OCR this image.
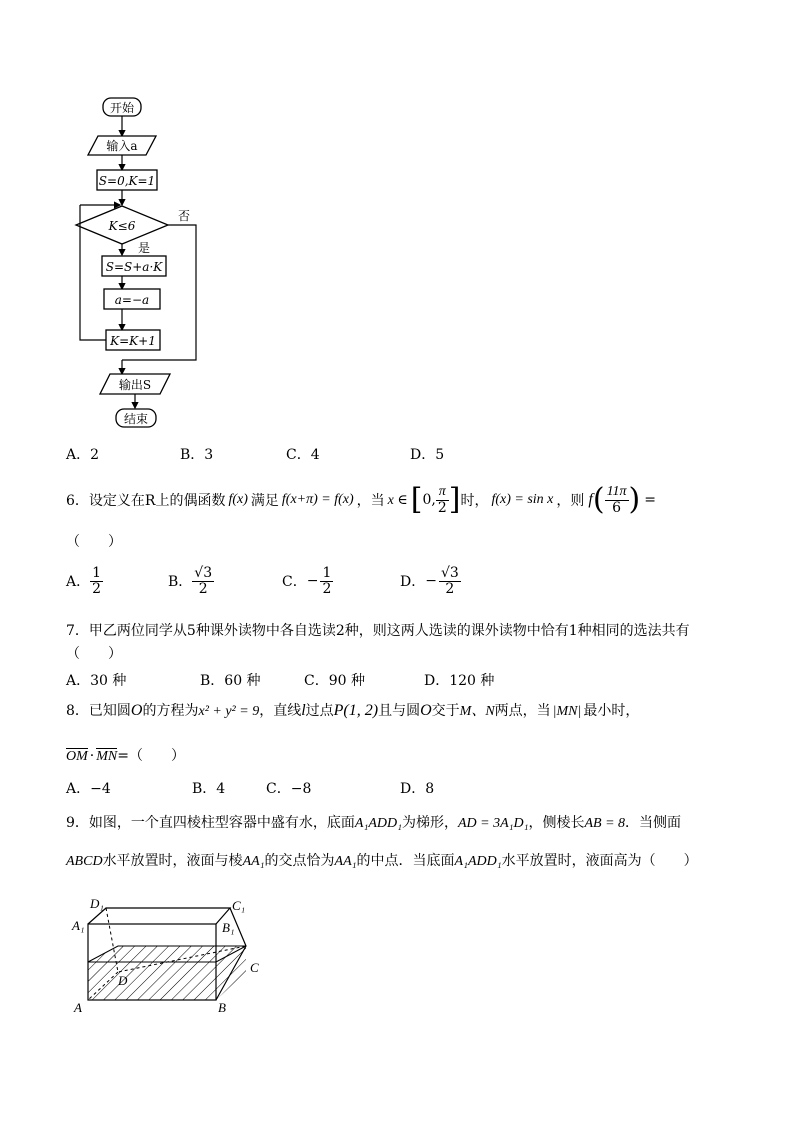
开始
输入a
S=0,K=1
K≤6
否
是
S=S+a·K
a=−a
K=K+1
输出S
结束
A．2	B．3	C．4	D．5
6．设定义在R上的偶函数 f(x) 满足 f(x+π) = f(x) ，当 x ∈ [ 0, $\frac{\pi}{2}$ ] 时， f(x) = sin x ，则 f ( $\frac{11\pi}{6}$ ) =
（　　）
A． $\frac{1}{2}$	B． $\frac{√3}{2}$	C． − $\frac{1}{2}$	D． − $\frac{√3}{2}$
7．甲乙两位同学从5种课外读物中各自选读2种，则这两人选读的课外读物中恰有1种相同的选法共有
（　　）
A．30 种	B．60 种	C．90 种	D．120 种
8．已知圆O的方程为x² + y² = 9，直线l过点P(1, 2)且与圆O交于M、N两点，当 |MN| 最小时，
OM · MN=（　　）
A．−4	B．4	C．−8	D．8
9．如图，一个直四棱柱型容器中盛有水，底面A₁ADD₁为梯形，AD = 3A₁D₁，侧棱长AB = 8．当侧面
ABCD水平放置时，液面与棱AA₁的交点恰为AA₁的中点．当底面A₁ADD₁水平放置时，液面高为（　　）
D₁	C₁
A₁	B₁
D
C
A	B
